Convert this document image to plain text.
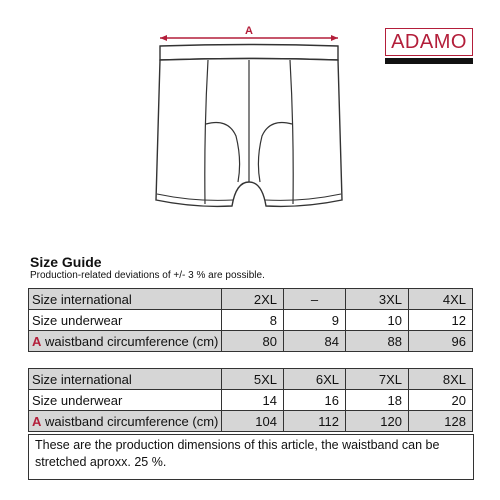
A	ADAMO
Size Guide
Production-related deviations of +/- 3 % are possible.
Size international	2XL	–	3XL	4XL
Size underwear	8	9	10	12
A waistband circumference (cm)	80	84	88	96
Size international	5XL	6XL	7XL	8XL
Size underwear	14	16	18	20
A waistband circumference (cm)	104	112	120	128
These are the production dimensions of this article, the waistband can be stretched aproxx. 25 %.
